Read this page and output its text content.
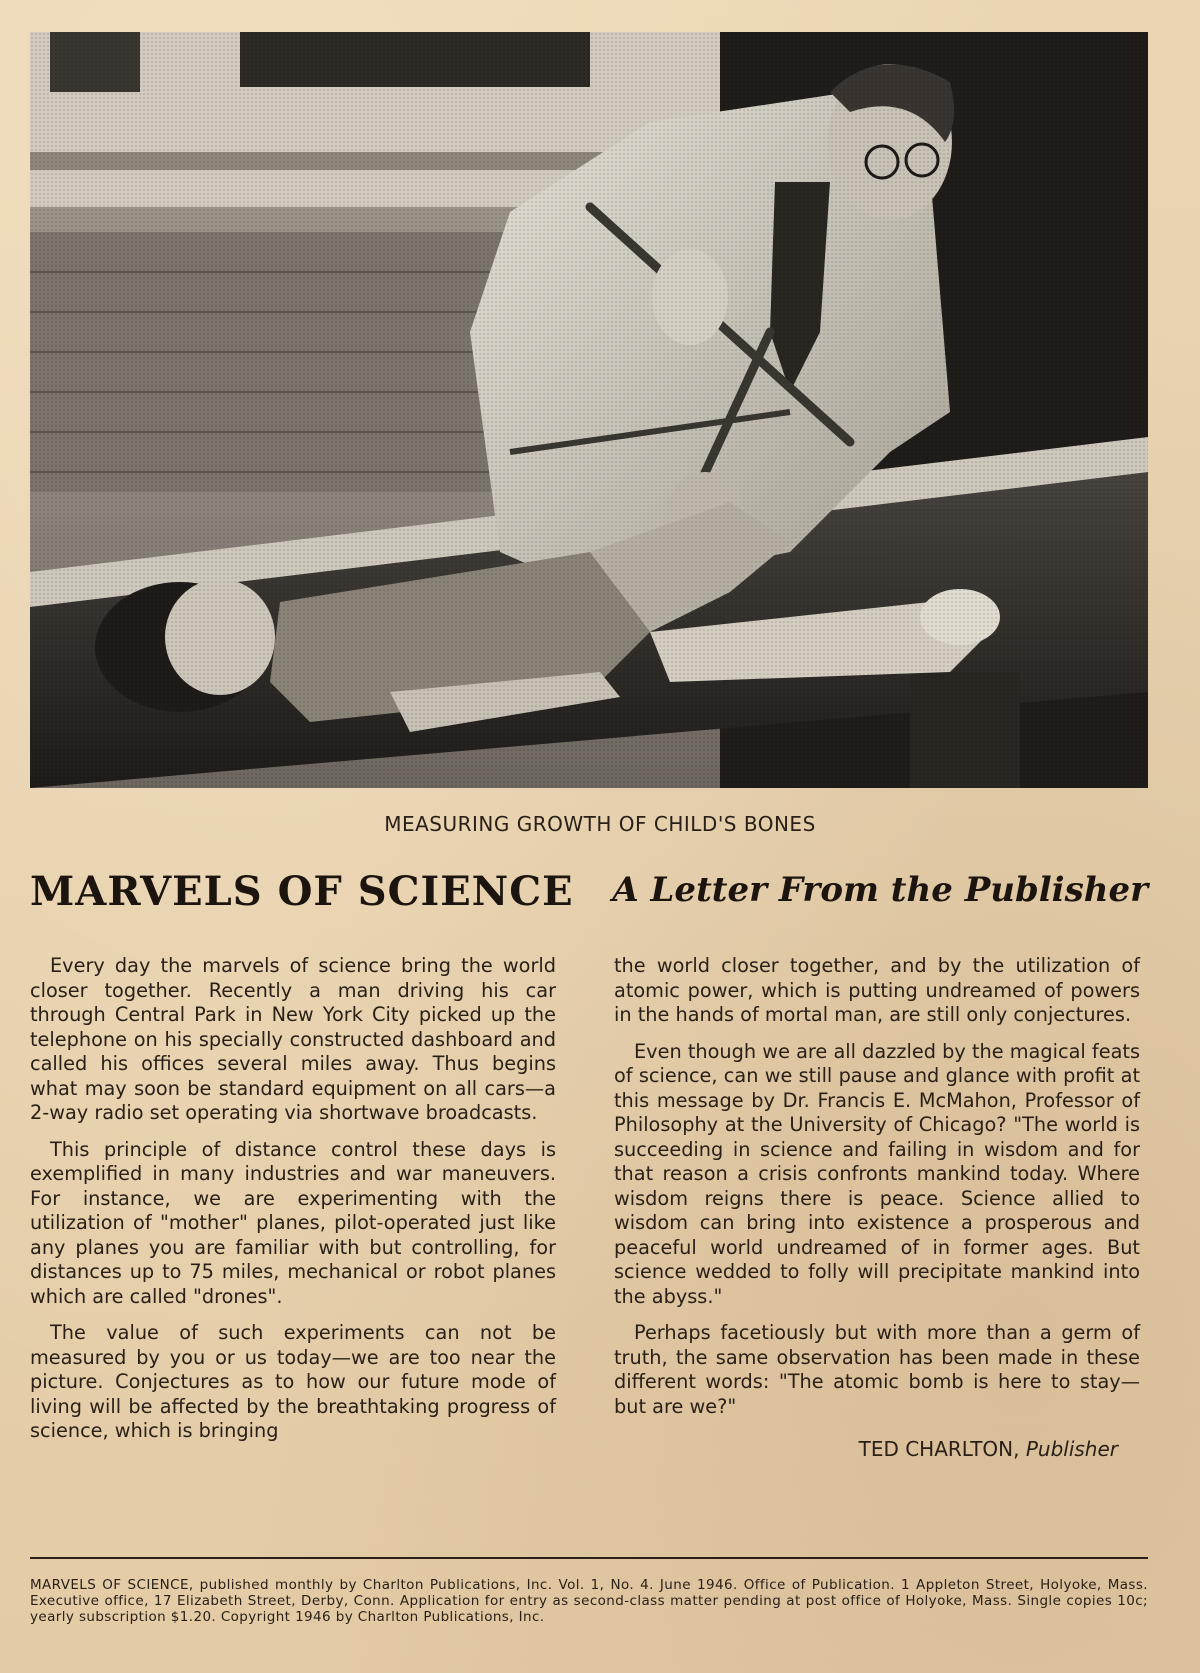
MEASURING GROWTH OF CHILD'S BONES
MARVELS OF SCIENCE A Letter From the Publisher

Every day the marvels of science bring the world closer together. Recently a man driving his car through Central Park in New York City picked up the telephone on his specially constructed dashboard and called his offices several miles away. Thus begins what may soon be standard equipment on all cars—a 2-way radio set operating via shortwave broadcasts.

This principle of distance control these days is exemplified in many industries and war maneuvers. For instance, we are experimenting with the utilization of "mother" planes, pilot-operated just like any planes you are familiar with but controlling, for distances up to 75 miles, mechanical or robot planes which are called "drones".

The value of such experiments can not be measured by you or us today—we are too near the picture. Conjectures as to how our future mode of living will be affected by the breathtaking progress of science, which is bringing

the world closer together, and by the utilization of atomic power, which is putting undreamed of powers in the hands of mortal man, are still only conjectures.

Even though we are all dazzled by the magical feats of science, can we still pause and glance with profit at this message by Dr. Francis E. McMahon, Professor of Philosophy at the University of Chicago? "The world is succeeding in science and failing in wisdom and for that reason a crisis confronts mankind today. Where wisdom reigns there is peace. Science allied to wisdom can bring into existence a prosperous and peaceful world undreamed of in former ages. But science wedded to folly will precipitate mankind into the abyss."

Perhaps facetiously but with more than a germ of truth, the same observation has been made in these different words: "The atomic bomb is here to stay—but are we?"

TED CHARLTON, Publisher
MARVELS OF SCIENCE, published monthly by Charlton Publications, Inc. Vol. 1, No. 4. June 1946. Office of Publication. 1 Appleton Street, Holyoke, Mass. Executive office, 17 Elizabeth Street, Derby, Conn. Application for entry as second-class matter pending at post office of Holyoke, Mass. Single copies 10c; yearly subscription $1.20. Copyright 1946 by Charlton Publications, Inc.
